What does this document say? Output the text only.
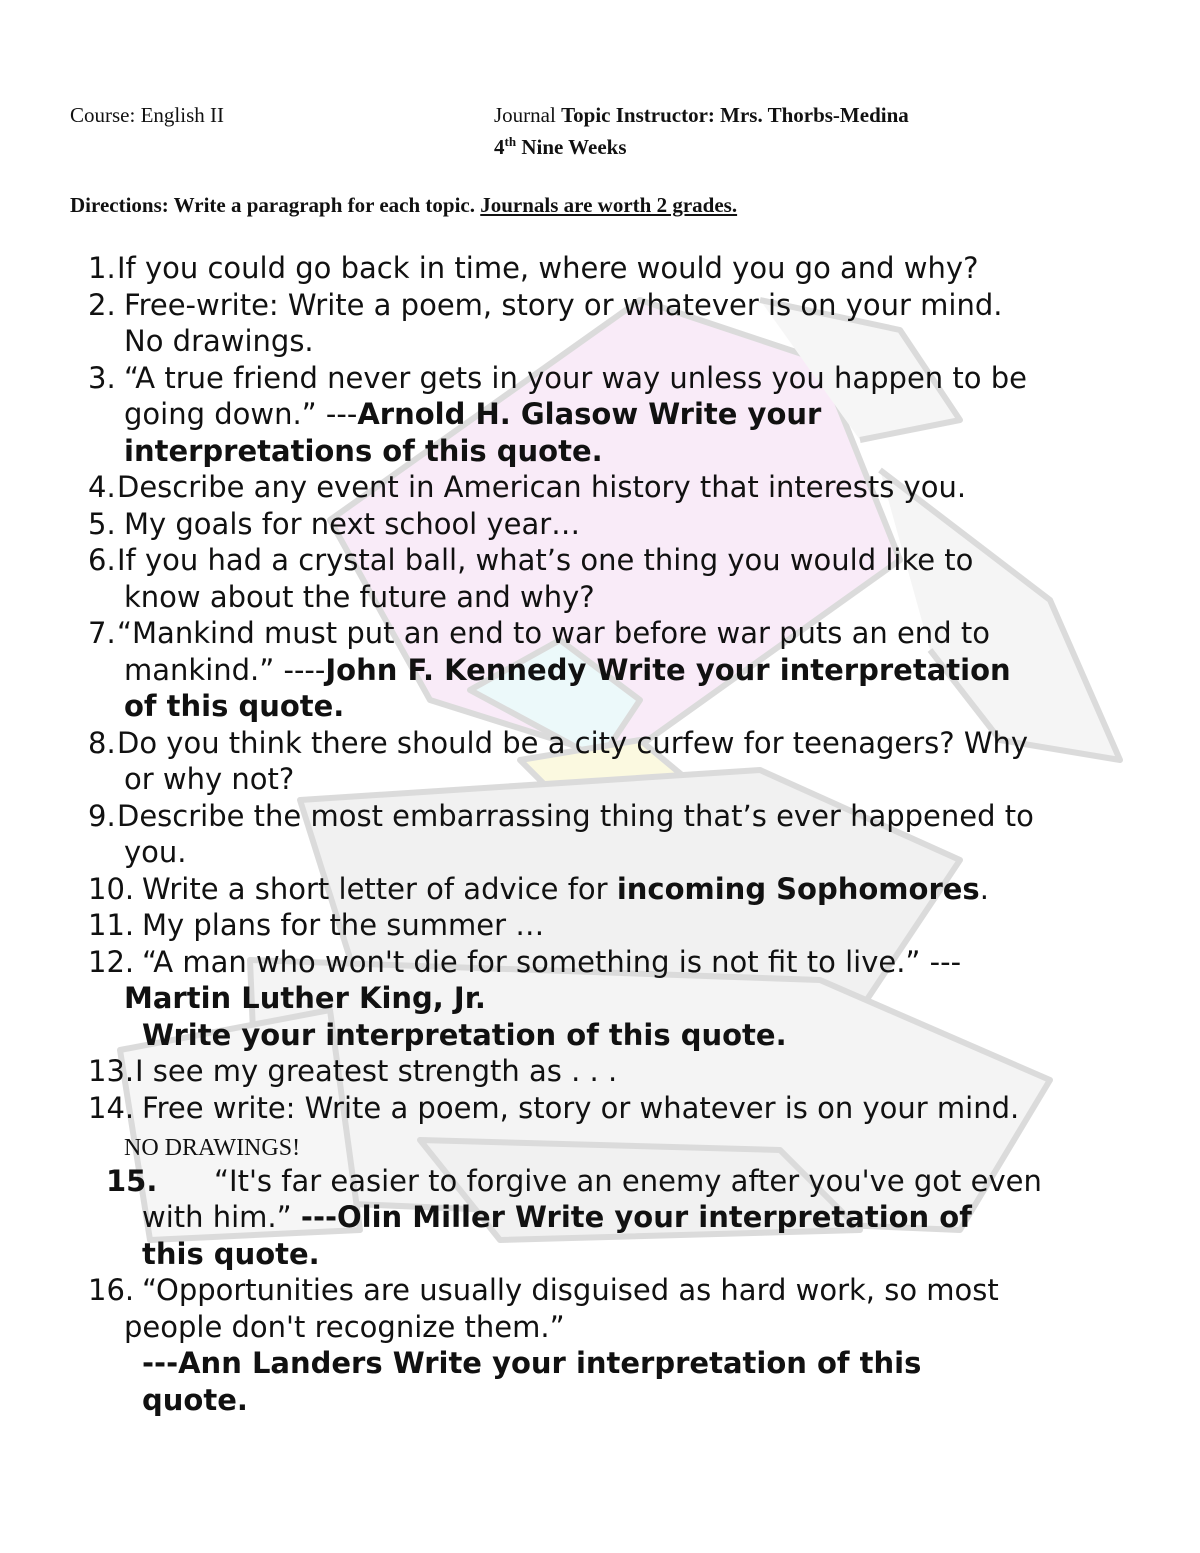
Course: English II	Journal Topic Instructor: Mrs. Thorbs-Medina
4th Nine Weeks
Directions: Write a paragraph for each topic. Journals are worth 2 grades.
1. If you could go back in time, where would you go and why?
2. Free-write: Write a poem, story or whatever is on your mind.
No drawings.
3. “A true friend never gets in your way unless you happen to be
going down.” ---Arnold H. Glasow Write your
interpretations of this quote.
4. Describe any event in American history that interests you.
5. My goals for next school year…
6. If you had a crystal ball, what’s one thing you would like to
know about the future and why?
7. “Mankind must put an end to war before war puts an end to
mankind.” ----John F. Kennedy Write your interpretation
of this quote.
8. Do you think there should be a city curfew for teenagers? Why
or why not?
9. Describe the most embarrassing thing that’s ever happened to
you.
10. Write a short letter of advice for incoming Sophomores.
11. My plans for the summer …
12. “A man who won't die for something is not fit to live.” ---
Martin Luther King, Jr.
Write your interpretation of this quote.
13. I see my greatest strength as . . .
14. Free write: Write a poem, story or whatever is on your mind.
NO DRAWINGS!
15. “It's far easier to forgive an enemy after you've got even
with him.” ---Olin Miller Write your interpretation of
this quote.
16. “Opportunities are usually disguised as hard work, so most
people don't recognize them.”
---Ann Landers Write your interpretation of this
quote.
